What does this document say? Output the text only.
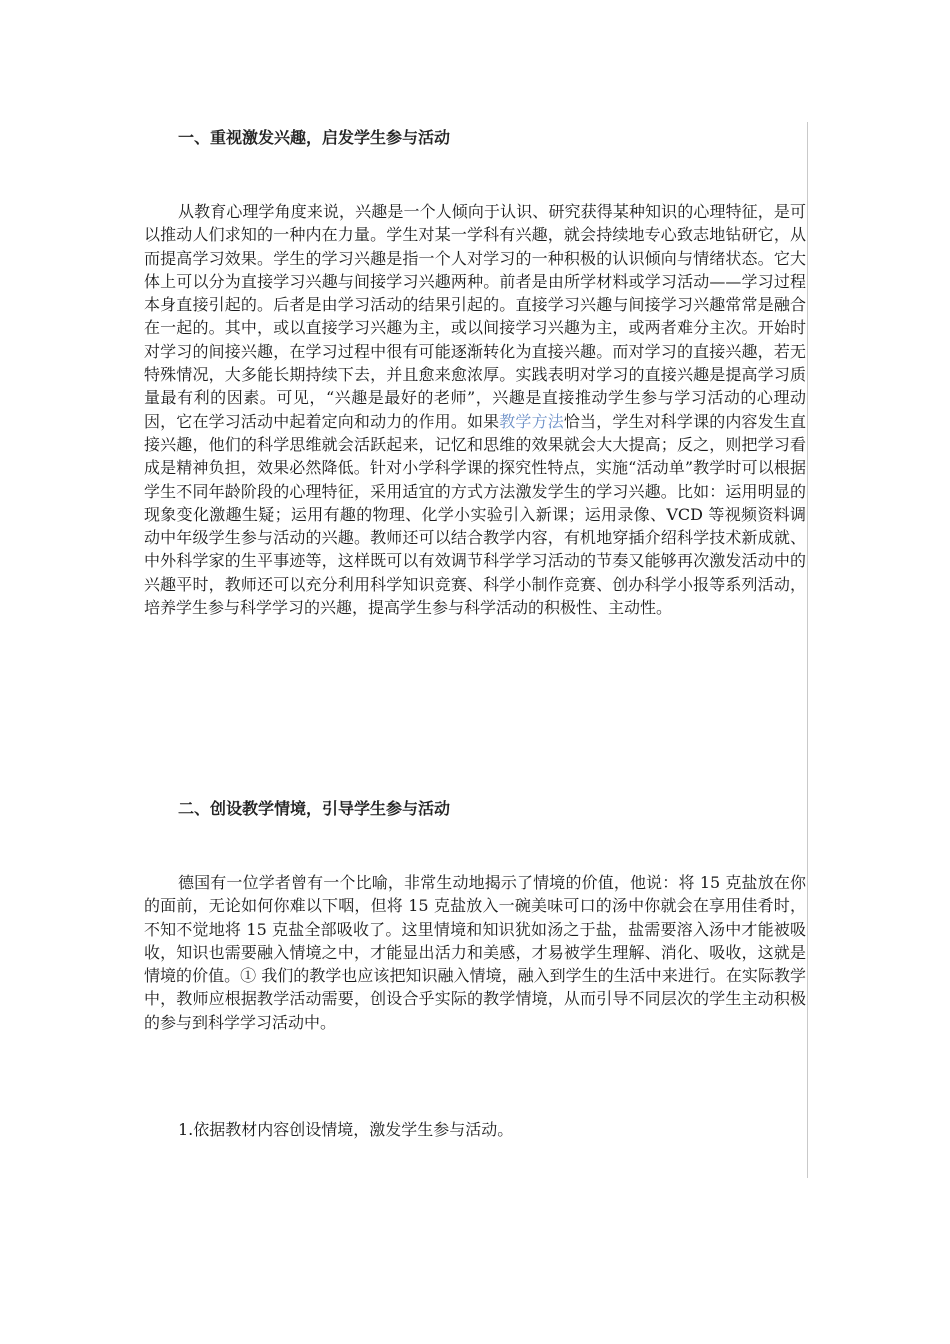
一、重视激发兴趣，启发学生参与活动

从教育心理学角度来说，兴趣是一个人倾向于认识、研究获得某种知识的心理特征，是可以推动人们求知的一种内在力量。学生对某一学科有兴趣，就会持续地专心致志地钻研它，从而提高学习效果。学生的学习兴趣是指一个人对学习的一种积极的认识倾向与情绪状态。它大体上可以分为直接学习兴趣与间接学习兴趣两种。前者是由所学材料或学习活动——学习过程本身直接引起的。后者是由学习活动的结果引起的。直接学习兴趣与间接学习兴趣常常是融合在一起的。其中，或以直接学习兴趣为主，或以间接学习兴趣为主，或两者难分主次。开始时对学习的间接兴趣，在学习过程中很有可能逐渐转化为直接兴趣。而对学习的直接兴趣，若无特殊情况，大多能长期持续下去，并且愈来愈浓厚。实践表明对学习的直接兴趣是提高学习质量最有利的因素。可见，“兴趣是最好的老师”，兴趣是直接推动学生参与学习活动的心理动因，它在学习活动中起着定向和动力的作用。如果教学方法恰当，学生对科学课的内容发生直接兴趣，他们的科学思维就会活跃起来，记忆和思维的效果就会大大提高；反之，则把学习看成是精神负担，效果必然降低。针对小学科学课的探究性特点，实施“活动单”教学时可以根据学生不同年龄阶段的心理特征，采用适宜的方式方法激发学生的学习兴趣。比如：运用明显的现象变化激趣生疑；运用有趣的物理、化学小实验引入新课；运用录像、VCD 等视频资料调动中年级学生参与活动的兴趣。教师还可以结合教学内容，有机地穿插介绍科学技术新成就、中外科学家的生平事迹等，这样既可以有效调节科学学习活动的节奏又能够再次激发活动中的兴趣平时，教师还可以充分利用科学知识竞赛、科学小制作竞赛、创办科学小报等系列活动，培养学生参与科学学习的兴趣，提高学生参与科学活动的积极性、主动性。

二、创设教学情境，引导学生参与活动

德国有一位学者曾有一个比喻，非常生动地揭示了情境的价值，他说：将 15 克盐放在你的面前，无论如何你难以下咽，但将 15 克盐放入一碗美味可口的汤中你就会在享用佳肴时，不知不觉地将 15 克盐全部吸收了。这里情境和知识犹如汤之于盐，盐需要溶入汤中才能被吸收，知识也需要融入情境之中，才能显出活力和美感，才易被学生理解、消化、吸收，这就是情境的价值。① 我们的教学也应该把知识融入情境，融入到学生的生活中来进行。在实际教学中，教师应根据教学活动需要，创设合乎实际的教学情境，从而引导不同层次的学生主动积极的参与到科学学习活动中。

1.依据教材内容创设情境，激发学生参与活动。
